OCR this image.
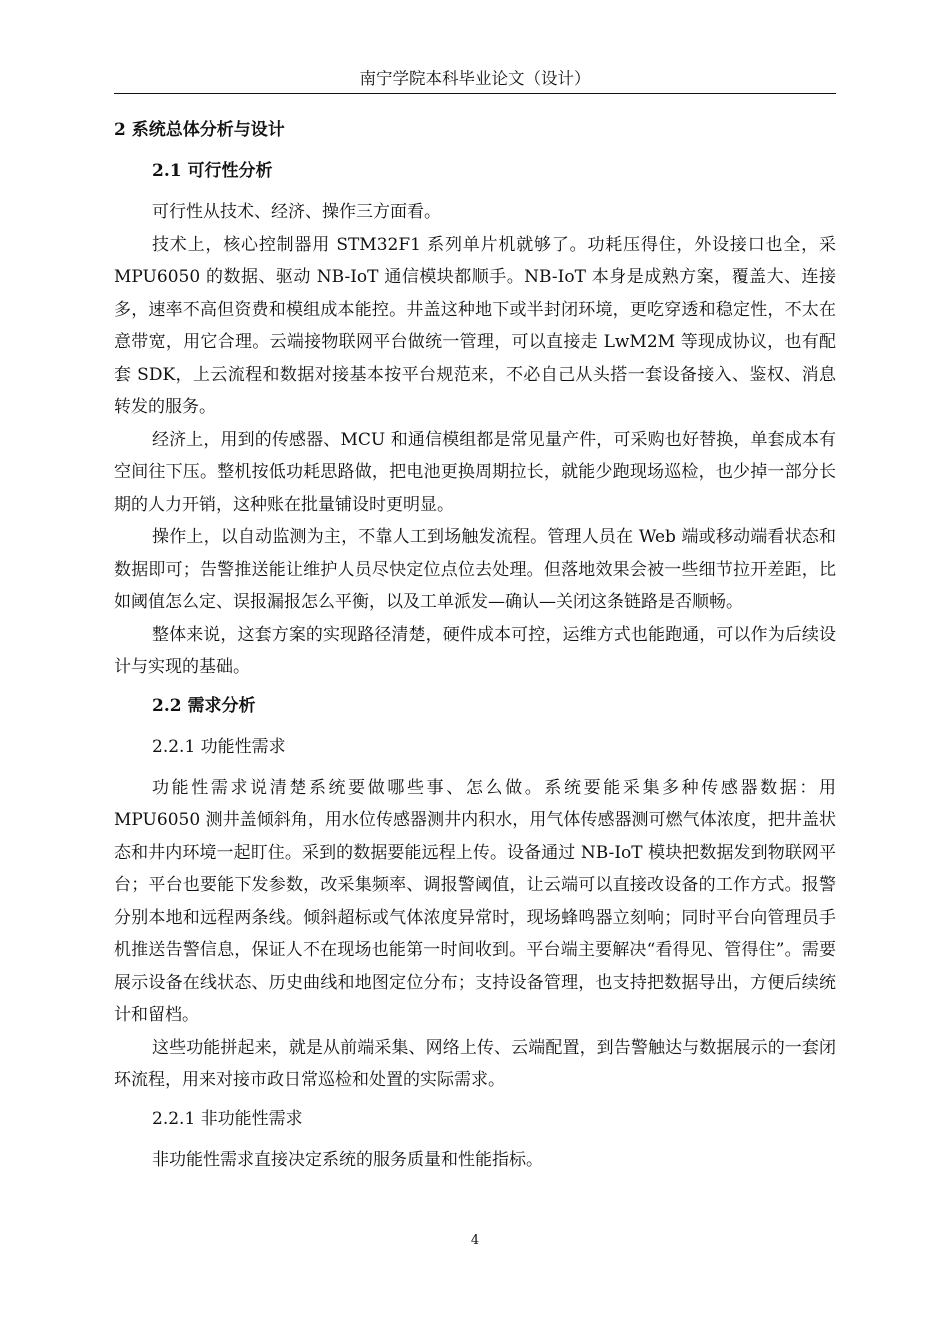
南宁学院本科毕业论文（设计）
2 系统总体分析与设计
2.1 可行性分析

可行性从技术、经济、操作三方面看。

技术上，核心控制器用 STM32F1 系列单片机就够了。功耗压得住，外设接口也全，采 MPU6050 的数据、驱动 NB-IoT 通信模块都顺手。NB-IoT 本身是成熟方案，覆盖大、连接多，速率不高但资费和模组成本能控。井盖这种地下或半封闭环境，更吃穿透和稳定性，不太在意带宽，用它合理。云端接物联网平台做统一管理，可以直接走 LwM2M 等现成协议，也有配套 SDK，上云流程和数据对接基本按平台规范来，不必自己从头搭一套设备接入、鉴权、消息转发的服务。

经济上，用到的传感器、MCU 和通信模组都是常见量产件，可采购也好替换，单套成本有空间往下压。整机按低功耗思路做，把电池更换周期拉长，就能少跑现场巡检，也少掉一部分长期的人力开销，这种账在批量铺设时更明显。

操作上，以自动监测为主，不靠人工到场触发流程。管理人员在 Web 端或移动端看状态和数据即可；告警推送能让维护人员尽快定位点位去处理。但落地效果会被一些细节拉开差距，比如阈值怎么定、误报漏报怎么平衡，以及工单派发—确认—关闭这条链路是否顺畅。

整体来说，这套方案的实现路径清楚，硬件成本可控，运维方式也能跑通，可以作为后续设计与实现的基础。

2.2 需求分析
2.2.1 功能性需求

功能性需求说清楚系统要做哪些事、怎么做。系统要能采集多种传感器数据：用 MPU6050 测井盖倾斜角，用水位传感器测井内积水，用气体传感器测可燃气体浓度，把井盖状态和井内环境一起盯住。采到的数据要能远程上传。设备通过 NB-IoT 模块把数据发到物联网平台；平台也要能下发参数，改采集频率、调报警阈值，让云端可以直接改设备的工作方式。报警分别本地和远程两条线。倾斜超标或气体浓度异常时，现场蜂鸣器立刻响；同时平台向管理员手机推送告警信息，保证人不在现场也能第一时间收到。平台端主要解决“看得见、管得住”。需要展示设备在线状态、历史曲线和地图定位分布；支持设备管理，也支持把数据导出，方便后续统计和留档。

这些功能拼起来，就是从前端采集、网络上传、云端配置，到告警触达与数据展示的一套闭环流程，用来对接市政日常巡检和处置的实际需求。

2.2.1 非功能性需求

非功能性需求直接决定系统的服务质量和性能指标。

4
